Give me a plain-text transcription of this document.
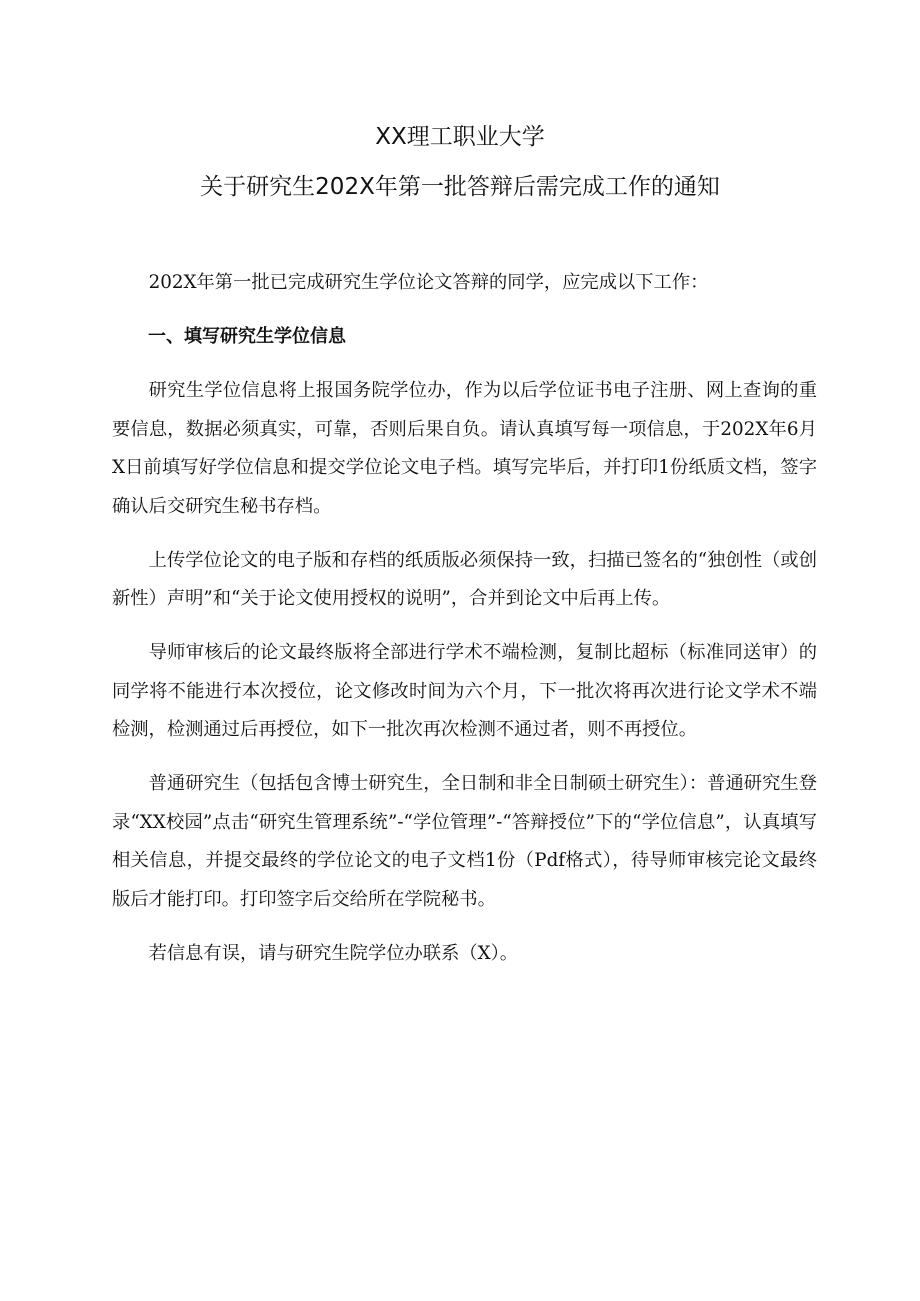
XX理工职业大学
关于研究生202X年第一批答辩后需完成工作的通知

202X年第一批已完成研究生学位论文答辩的同学，应完成以下工作：

一、填写研究生学位信息

研究生学位信息将上报国务院学位办，作为以后学位证书电子注册、网上查询的重要信息，数据必须真实，可靠，否则后果自负。请认真填写每一项信息，于202X年6月X日前填写好学位信息和提交学位论文电子档。填写完毕后，并打印1份纸质文档，签字确认后交研究生秘书存档。

上传学位论文的电子版和存档的纸质版必须保持一致，扫描已签名的“独创性（或创新性）声明”和“关于论文使用授权的说明”，合并到论文中后再上传。

导师审核后的论文最终版将全部进行学术不端检测，复制比超标（标准同送审）的同学将不能进行本次授位，论文修改时间为六个月，下一批次将再次进行论文学术不端检测，检测通过后再授位，如下一批次再次检测不通过者，则不再授位。

普通研究生（包括包含博士研究生，全日制和非全日制硕士研究生）：普通研究生登录“XX校园”点击“研究生管理系统”-“学位管理”-“答辩授位”下的“学位信息”，认真填写相关信息，并提交最终的学位论文的电子文档1份（Pdf格式），待导师审核完论文最终版后才能打印。打印签字后交给所在学院秘书。

若信息有误，请与研究生院学位办联系（X）。
